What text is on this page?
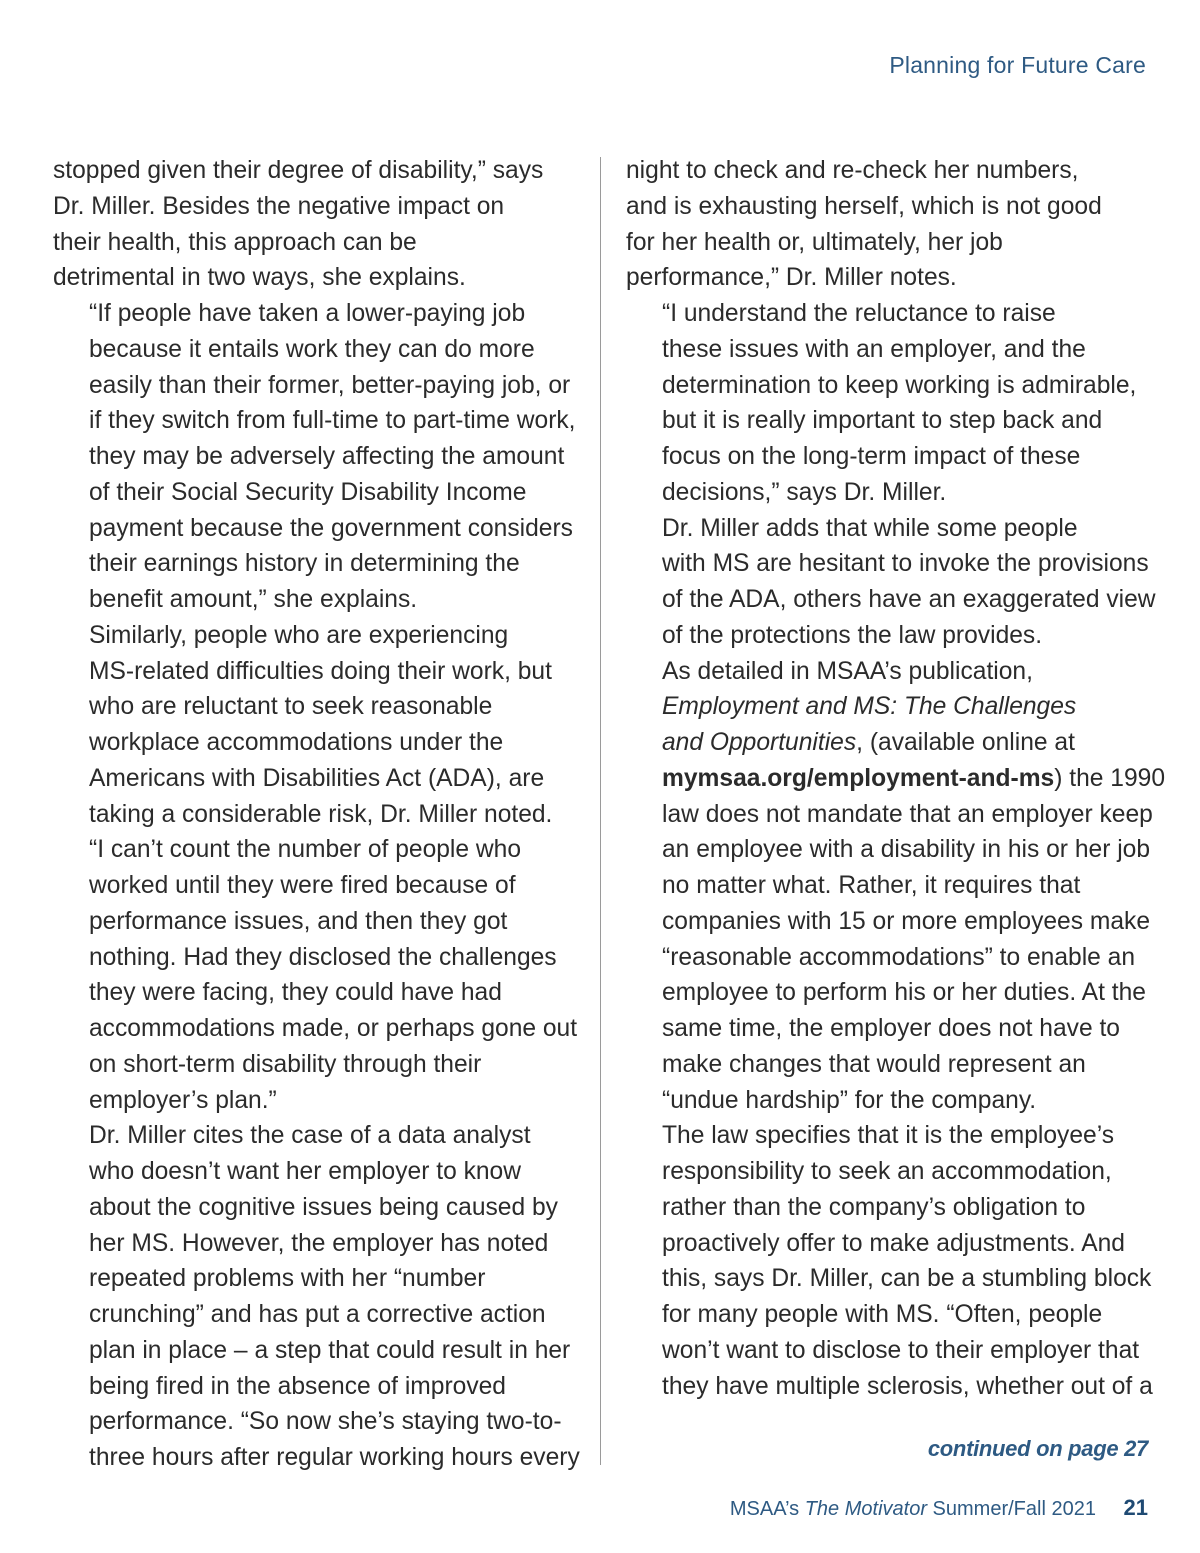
Planning for Future Care

stopped given their degree of disability,” says
Dr. Miller. Besides the negative impact on
their health, this approach can be
detrimental in two ways, she explains.

“If people have taken a lower-paying job
because it entails work they can do more
easily than their former, better-paying job, or
if they switch from full-time to part-time work,
they may be adversely affecting the amount
of their Social Security Disability Income
payment because the government considers
their earnings history in determining the
benefit amount,” she explains.

Similarly, people who are experiencing
MS-related difficulties doing their work, but
who are reluctant to seek reasonable
workplace accommodations under the
Americans with Disabilities Act (ADA), are
taking a considerable risk, Dr. Miller noted.
“I can’t count the number of people who
worked until they were fired because of
performance issues, and then they got
nothing. Had they disclosed the challenges
they were facing, they could have had
accommodations made, or perhaps gone out
on short-term disability through their
employer’s plan.”

Dr. Miller cites the case of a data analyst
who doesn’t want her employer to know
about the cognitive issues being caused by
her MS. However, the employer has noted
repeated problems with her “number
crunching” and has put a corrective action
plan in place – a step that could result in her
being fired in the absence of improved
performance. “So now she’s staying two-to-
three hours after regular working hours every

night to check and re-check her numbers,
and is exhausting herself, which is not good
for her health or, ultimately, her job
performance,” Dr. Miller notes.

“I understand the reluctance to raise
these issues with an employer, and the
determination to keep working is admirable,
but it is really important to step back and
focus on the long-term impact of these
decisions,” says Dr. Miller.

Dr. Miller adds that while some people
with MS are hesitant to invoke the provisions
of the ADA, others have an exaggerated view
of the protections the law provides.

As detailed in MSAA’s publication,
Employment and MS: The Challenges
and Opportunities, (available online at
mymsaa.org/employment-and-ms) the 1990
law does not mandate that an employer keep
an employee with a disability in his or her job
no matter what. Rather, it requires that
companies with 15 or more employees make
“reasonable accommodations” to enable an
employee to perform his or her duties. At the
same time, the employer does not have to
make changes that would represent an
“undue hardship” for the company.

The law specifies that it is the employee’s
responsibility to seek an accommodation,
rather than the company’s obligation to
proactively offer to make adjustments. And
this, says Dr. Miller, can be a stumbling block
for many people with MS. “Often, people
won’t want to disclose to their employer that
they have multiple sclerosis, whether out of a

continued on page 27
MSAA’s The Motivator Summer/Fall 2021 21
